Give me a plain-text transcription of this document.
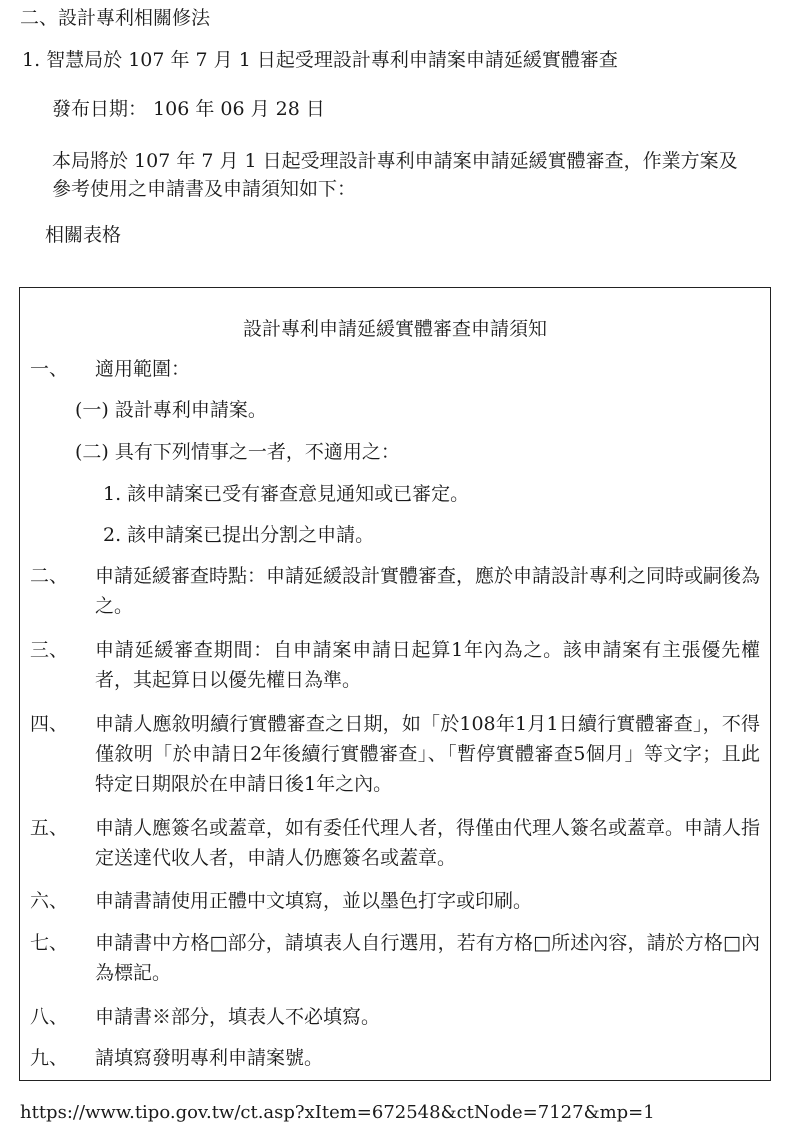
二、設計專利相關修法
1. 智慧局於 107 年 7 月 1 日起受理設計專利申請案申請延緩實體審查
發布日期： 106 年 06 月 28 日
本局將於 107 年 7 月 1 日起受理設計專利申請案申請延緩實體審查，作業方案及參考使用之申請書及申請須知如下：
相關表格
設計專利申請延緩實體審查申請須知
一、 適用範圍：
(一) 設計專利申請案。
(二) 具有下列情事之一者，不適用之：
1. 該申請案已受有審查意見通知或已審定。
2. 該申請案已提出分割之申請。
二、 申請延緩審查時點：申請延緩設計實體審查，應於申請設計專利之同時或嗣後為之。
三、 申請延緩審查期間：自申請案申請日起算1年內為之。該申請案有主張優先權者，其起算日以優先權日為準。
四、 申請人應敘明續行實體審查之日期，如「於108年1月1日續行實體審查」，不得僅敘明「於申請日2年後續行實體審查」、「暫停實體審查5個月」等文字；且此特定日期限於在申請日後1年之內。
五、 申請人應簽名或蓋章，如有委任代理人者，得僅由代理人簽名或蓋章。申請人指定送達代收人者，申請人仍應簽名或蓋章。
六、 申請書請使用正體中文填寫，並以墨色打字或印刷。
七、 申請書中方格□部分，請填表人自行選用，若有方格□所述內容，請於方格□內為標記。
八、 申請書※部分，填表人不必填寫。
九、 請填寫發明專利申請案號。
https://www.tipo.gov.tw/ct.asp?xItem=672548&ctNode=7127&mp=1
